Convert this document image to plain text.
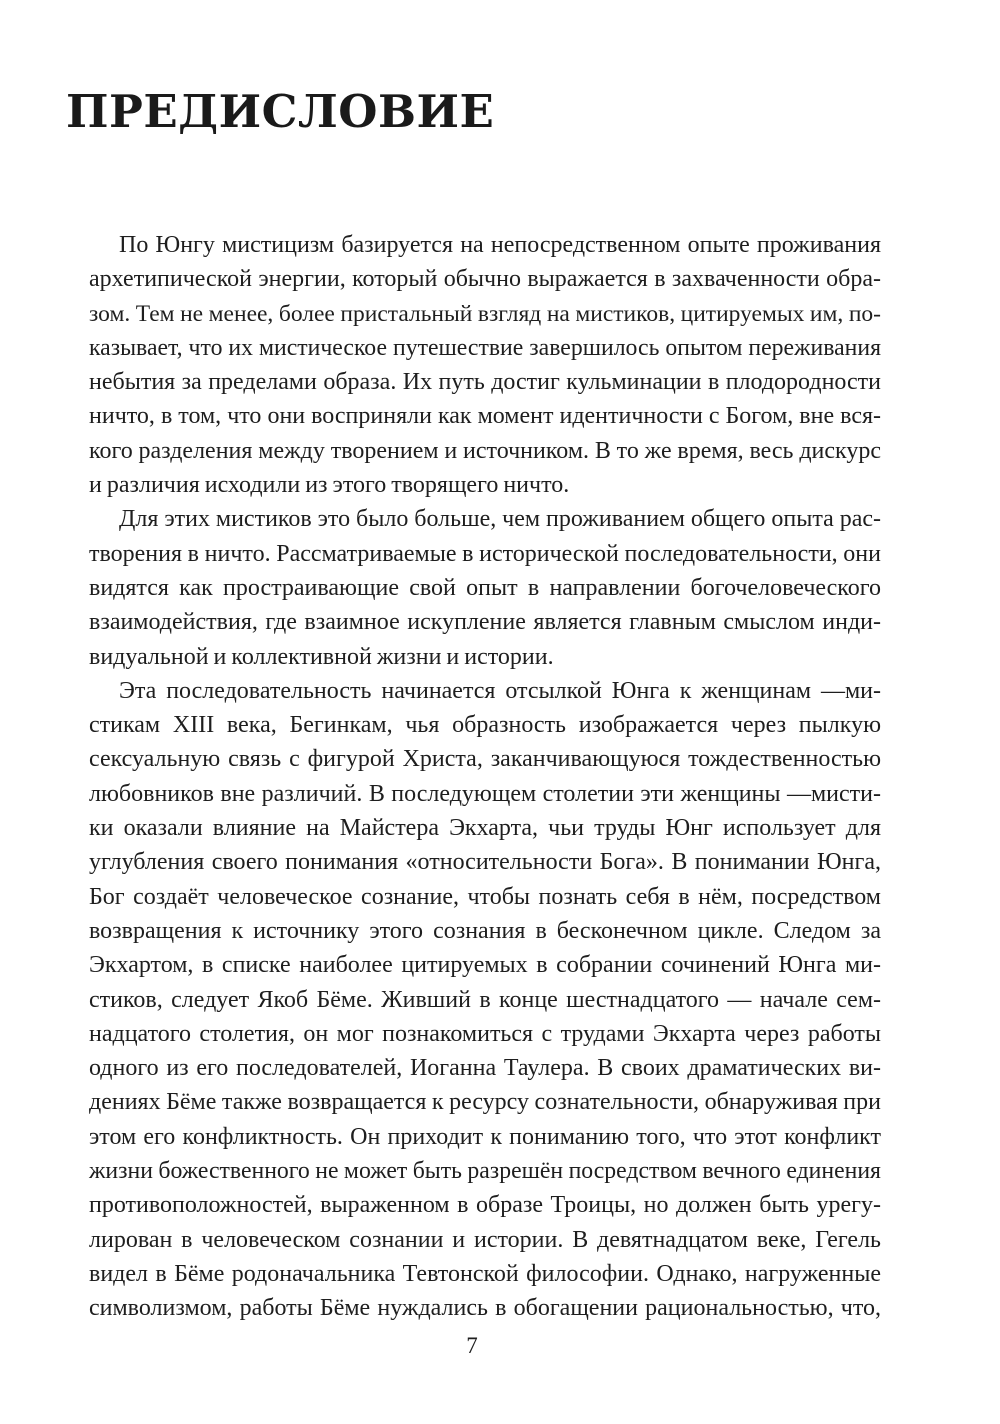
ПРЕДИСЛОВИЕ
По Юнгу мистицизм базируется на непосредственном опыте проживания
архетипической энергии, который обычно выражается в захваченности обра-
зом. Тем не менее, более пристальный взгляд на мистиков, цитируемых им, по-
казывает, что их мистическое путешествие завершилось опытом переживания
небытия за пределами образа. Их путь достиг кульминации в плодородности
ничто, в том, что они восприняли как момент идентичности с Богом, вне вся-
кого разделения между творением и источником. В то же время, весь дискурс
и различия исходили из этого творящего ничто.
Для этих мистиков это было больше, чем проживанием общего опыта рас-
творения в ничто. Рассматриваемые в исторической последовательности, они
видятся как простраивающие свой опыт в направлении богочеловеческого
взаимодействия, где взаимное искупление является главным смыслом инди-
видуальной и коллективной жизни и истории.
Эта последовательность начинается отсылкой Юнга к женщинам —ми-
стикам XIII века, Бегинкам, чья образность изображается через пылкую
сексуальную связь с фигурой Христа, заканчивающуюся тождественностью
любовников вне различий. В последующем столетии эти женщины —мисти-
ки оказали влияние на Майстера Экхарта, чьи труды Юнг использует для
углубления своего понимания «относительности Бога». В понимании Юнга,
Бог создаёт человеческое сознание, чтобы познать себя в нём, посредством
возвращения к источнику этого сознания в бесконечном цикле. Следом за
Экхартом, в списке наиболее цитируемых в собрании сочинений Юнга ми-
стиков, следует Якоб Бёме. Живший в конце шестнадцатого — начале сем-
надцатого столетия, он мог познакомиться с трудами Экхарта через работы
одного из его последователей, Иоганна Таулера. В своих драматических ви-
дениях Бёме также возвращается к ресурсу сознательности, обнаруживая при
этом его конфликтность. Он приходит к пониманию того, что этот конфликт
жизни божественного не может быть разрешён посредством вечного единения
противоположностей, выраженном в образе Троицы, но должен быть урегу-
лирован в человеческом сознании и истории. В девятнадцатом веке, Гегель
видел в Бёме родоначальника Тевтонской философии. Однако, нагруженные
символизмом, работы Бёме нуждались в обогащении рациональностью, что,
7
